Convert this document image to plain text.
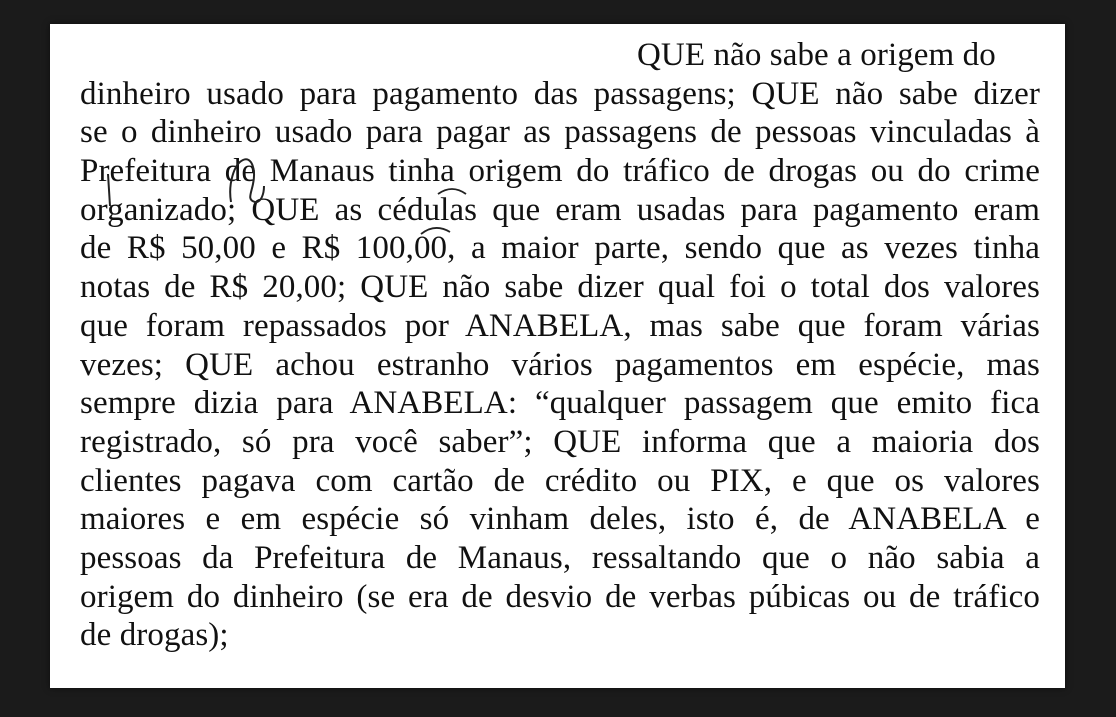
QUE não sabe a origem do
dinheiro usado para pagamento das passagens; QUE não sabe dizer
se o dinheiro usado para pagar as passagens de pessoas vinculadas à
Prefeitura de Manaus tinha origem do tráfico de drogas ou do crime
organizado; QUE as cédulas que eram usadas para pagamento eram
de R$ 50,00 e R$ 100,00, a maior parte, sendo que as vezes tinha
notas de R$ 20,00; QUE não sabe dizer qual foi o total dos valores
que foram repassados por ANABELA, mas sabe que foram várias
vezes; QUE achou estranho vários pagamentos em espécie, mas
sempre dizia para ANABELA: “qualquer passagem que emito fica
registrado, só pra você saber”; QUE informa que a maioria dos
clientes pagava com cartão de crédito ou PIX, e que os valores
maiores e em espécie só vinham deles, isto é, de ANABELA e
pessoas da Prefeitura de Manaus, ressaltando que o não sabia a
origem do dinheiro (se era de desvio de verbas púbicas ou de tráfico
de drogas);
